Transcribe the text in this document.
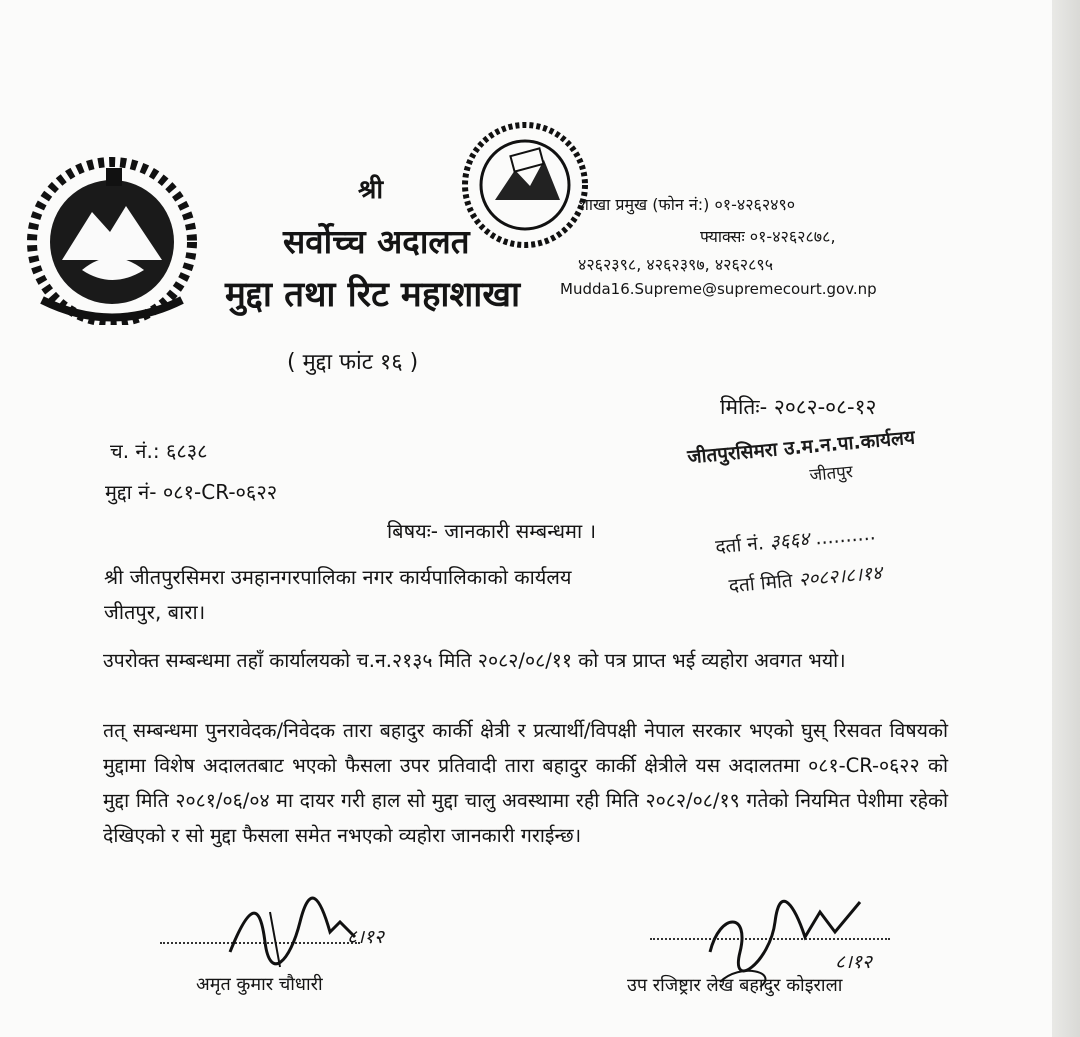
श्री
सर्वोच्च अदालत
मुद्दा तथा रिट महाशाखा
( मुद्दा फांट १६ )
शाखा प्रमुख (फोन नं:) ०१-४२६२४९०
फ्याक्सः ०१-४२६२८७८,
४२६२३९८, ४२६२३९७, ४२६२८९५
Mudda16.Supreme@supremecourt.gov.np
मितिः- २०८२-०८-१२
च. नं.: ६८३८
मुद्दा नं- ०८१-CR-०६२२
बिषयः- जानकारी सम्बन्धमा ।
श्री जीतपुरसिमरा उमहानगरपालिका नगर कार्यपालिकाको कार्यलय
जीतपुर, बारा।
जीतपुरसिमरा उ.म.न.पा.कार्यलय
जीतपुर
दर्ता नं. ३६६४ ..........
दर्ता मिति २०८२।८।१४
उपरोक्त सम्बन्धमा तहाँ कार्यालयको च.न.२१३५ मिति २०८२/०८/११ को पत्र प्राप्त भई व्यहोरा अवगत भयो।
तत् सम्बन्धमा पुनरावेदक/निवेदक तारा बहादुर कार्की क्षेत्री र प्रत्यार्थी/विपक्षी नेपाल सरकार भएको घुस् रिसवत विषयको मुद्दामा विशेष अदालतबाट भएको फैसला उपर प्रतिवादी तारा बहादुर कार्की क्षेत्रीले यस अदालतमा ०८१-CR-०६२२ को मुद्दा मिति २०८१/०६/०४ मा दायर गरी हाल सो मुद्दा चालु अवस्थामा रही मिति २०८२/०८/१९ गतेको नियमित पेशीमा रहेको देखिएको र सो मुद्दा फैसला समेत नभएको व्यहोरा जानकारी गराईन्छ।
८।१२
अमृत कुमार चौधारी
८।१२
उप रजिष्ट्रार लेख बहादुर कोइराला
